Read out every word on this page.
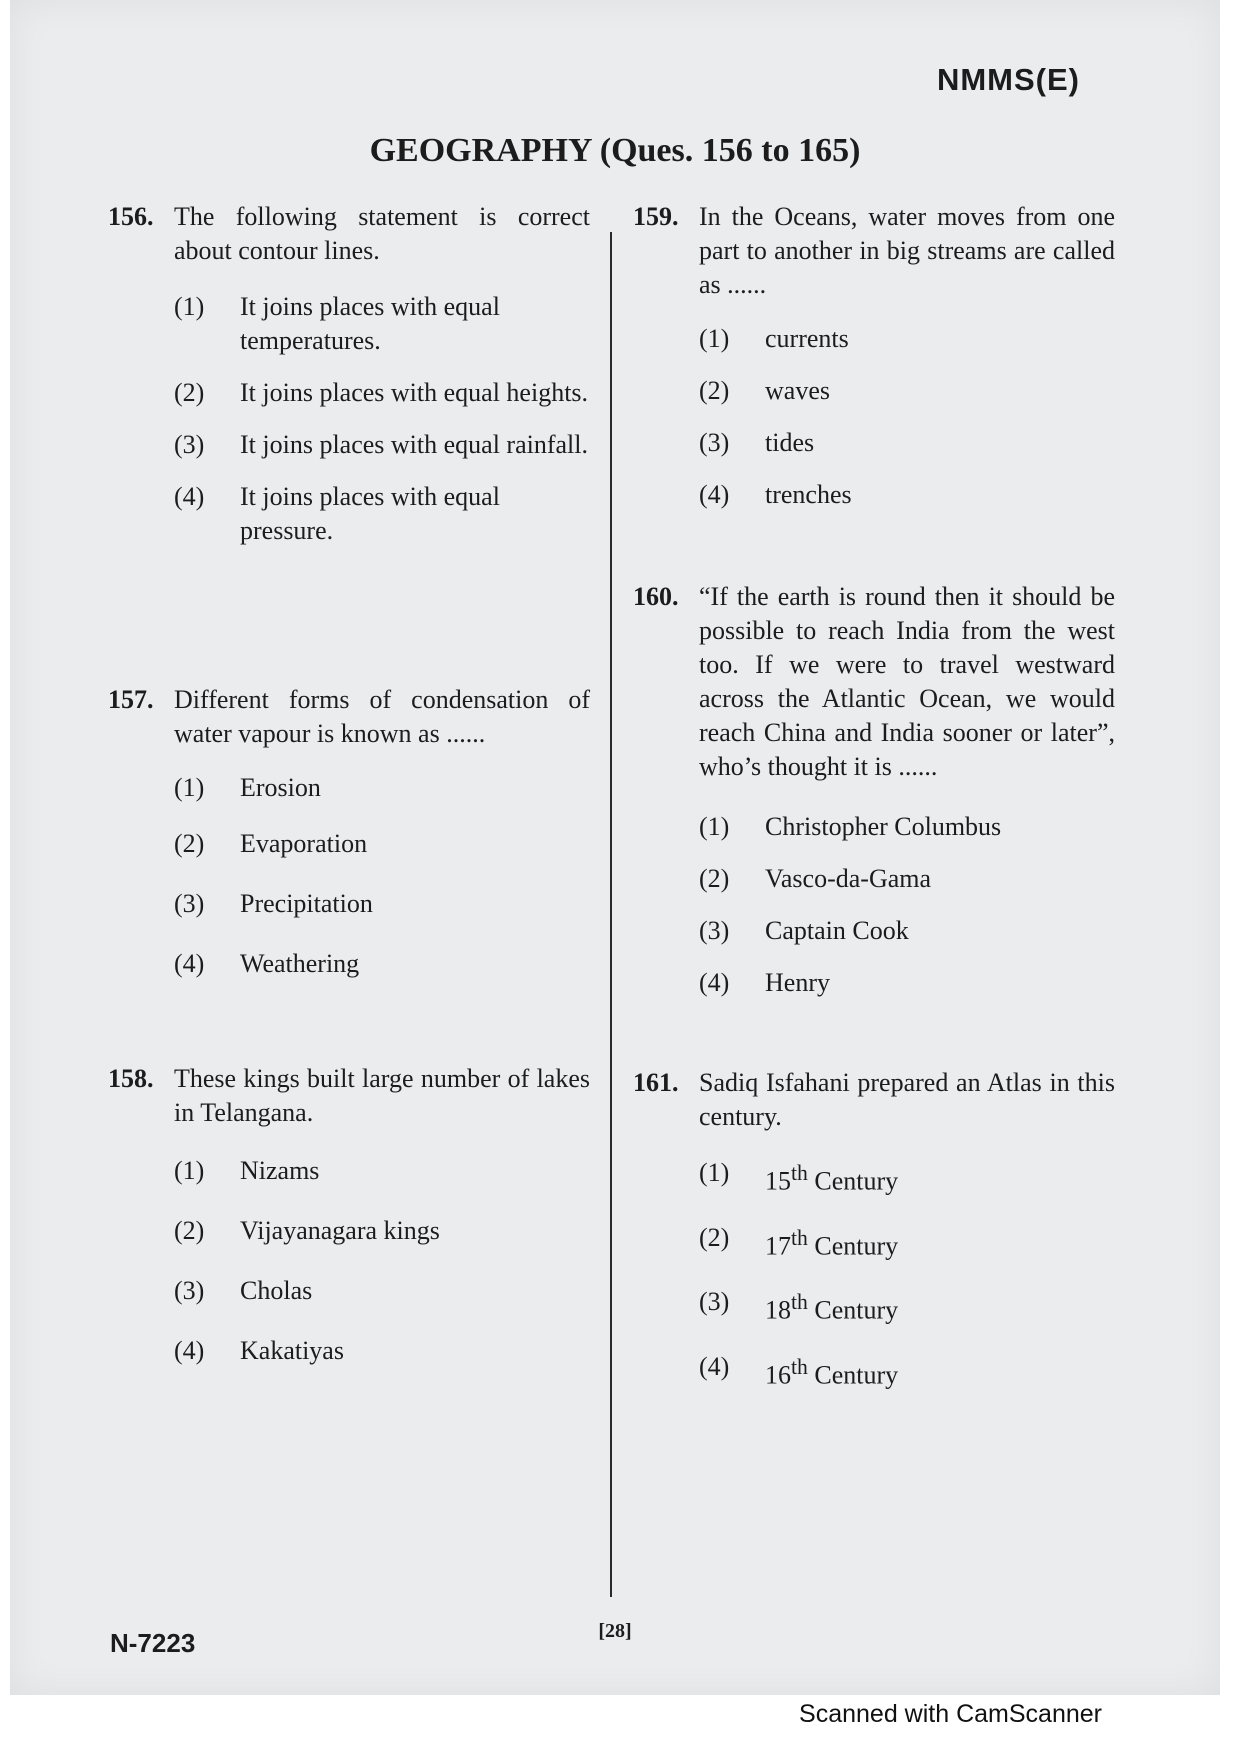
NMMS(E)
GEOGRAPHY (Ques. 156 to 165)
156. The following statement is correct about contour lines.
(1)	It joins places with equal temperatures.
(2)	It joins places with equal heights.
(3)	It joins places with equal rainfall.
(4)	It joins places with equal pressure.
157. Different forms of condensation of water vapour is known as ......
(1)	Erosion
(2)	Evaporation
(3)	Precipitation
(4)	Weathering
158. These kings built large number of lakes in Telangana.
(1)	Nizams
(2)	Vijayanagara kings
(3)	Cholas
(4)	Kakatiyas
159. In the Oceans, water moves from one part to another in big streams are called as ......
(1)	currents
(2)	waves
(3)	tides
(4)	trenches
160. “If the earth is round then it should be possible to reach India from the west too. If we were to travel westward across the Atlantic Ocean, we would reach China and India sooner or later”, who’s thought it is ......
(1)	Christopher Columbus
(2)	Vasco-da-Gama
(3)	Captain Cook
(4)	Henry
161. Sadiq Isfahani prepared an Atlas in this century.
(1)	15th Century
(2)	17th Century
(3)	18th Century
(4)	16th Century
N-7223	[28]
Scanned with CamScanner
